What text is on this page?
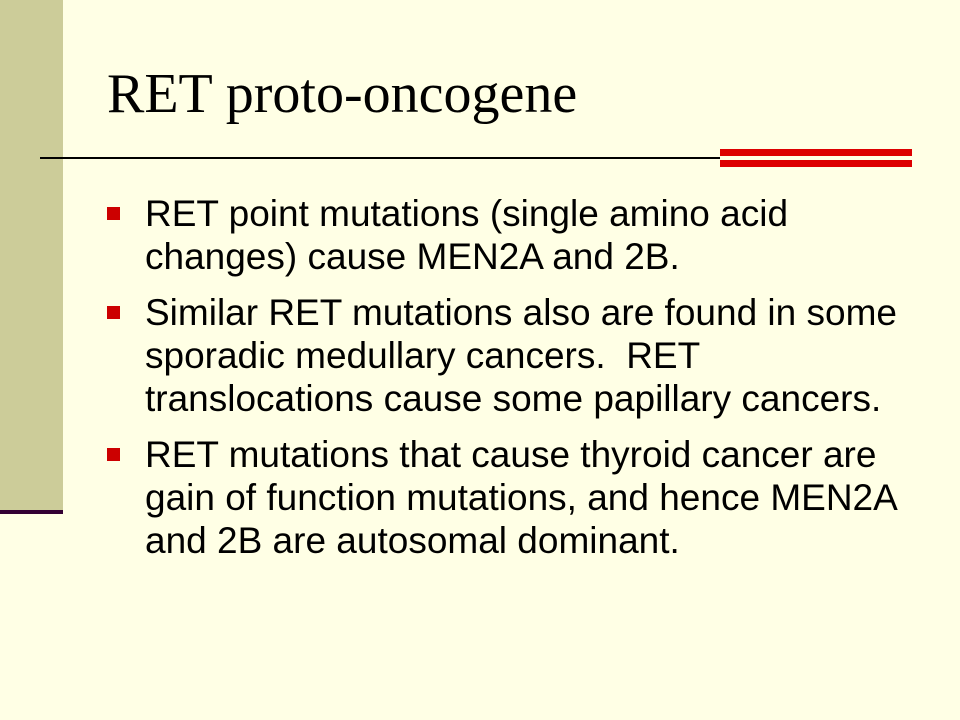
RET proto-oncogene
RET point mutations (single amino acid changes) cause MEN2A and 2B.
Similar RET mutations also are found in some sporadic medullary cancers.  RET translocations cause some papillary cancers.
RET mutations that cause thyroid cancer are gain of function mutations, and hence MEN2A and 2B are autosomal dominant.
